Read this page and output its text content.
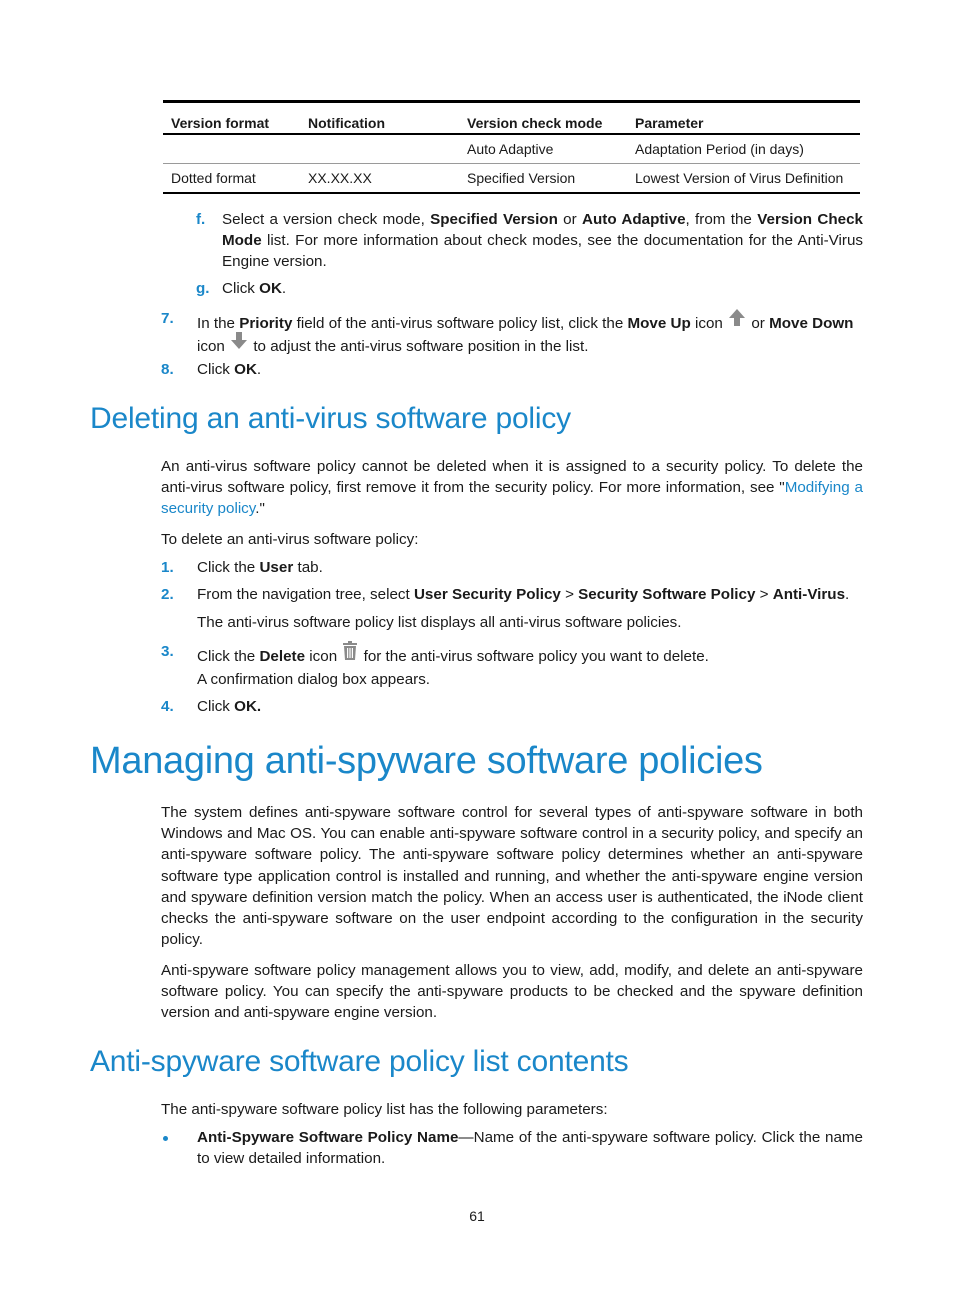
Version format	Notification	Version check mode	Parameter
		Auto Adaptive	Adaptation Period (in days)
Dotted format	XX.XX.XX	Specified Version	Lowest Version of Virus Definition
f. Select a version check mode, Specified Version or Auto Adaptive, from the Version Check Mode list. For more information about check modes, see the documentation for the Anti-Virus Engine version.

g. Click OK.

7. In the Priority field of the anti-virus software policy list, click the Move Up icon
or Move Down

icon
to adjust the anti-virus software position in the list.

8. Click OK.

Deleting an anti-virus software policy

An anti-virus software policy cannot be deleted when it is assigned to a security policy. To delete the anti-virus software policy, first remove it from the security policy. For more information, see "Modifying a security policy."

To delete an anti-virus software policy:

1. Click the User tab.

2. From the navigation tree, select User Security Policy > Security Software Policy > Anti-Virus.

The anti-virus software policy list displays all anti-virus software policies.

3. Click the Delete icon
for the anti-virus software policy you want to delete.

A confirmation dialog box appears.

4. Click OK.

Managing anti-spyware software policies

The system defines anti-spyware software control for several types of anti-spyware software in both Windows and Mac OS. You can enable anti-spyware software control in a security policy, and specify an anti-spyware software policy. The anti-spyware software policy determines whether an anti-spyware software type application control is installed and running, and whether the anti-spyware engine version and spyware definition version match the policy. When an access user is authenticated, the iNode client checks the anti-spyware software on the user endpoint according to the configuration in the security policy.

Anti-spyware software policy management allows you to view, add, modify, and delete an anti-spyware software policy. You can specify the anti-spyware products to be checked and the spyware definition version and anti-spyware engine version.

Anti-spyware software policy list contents

The anti-spyware software policy list has the following parameters:

Anti-Spyware Software Policy Name—Name of the anti-spyware software policy. Click the name to view detailed information.

61
